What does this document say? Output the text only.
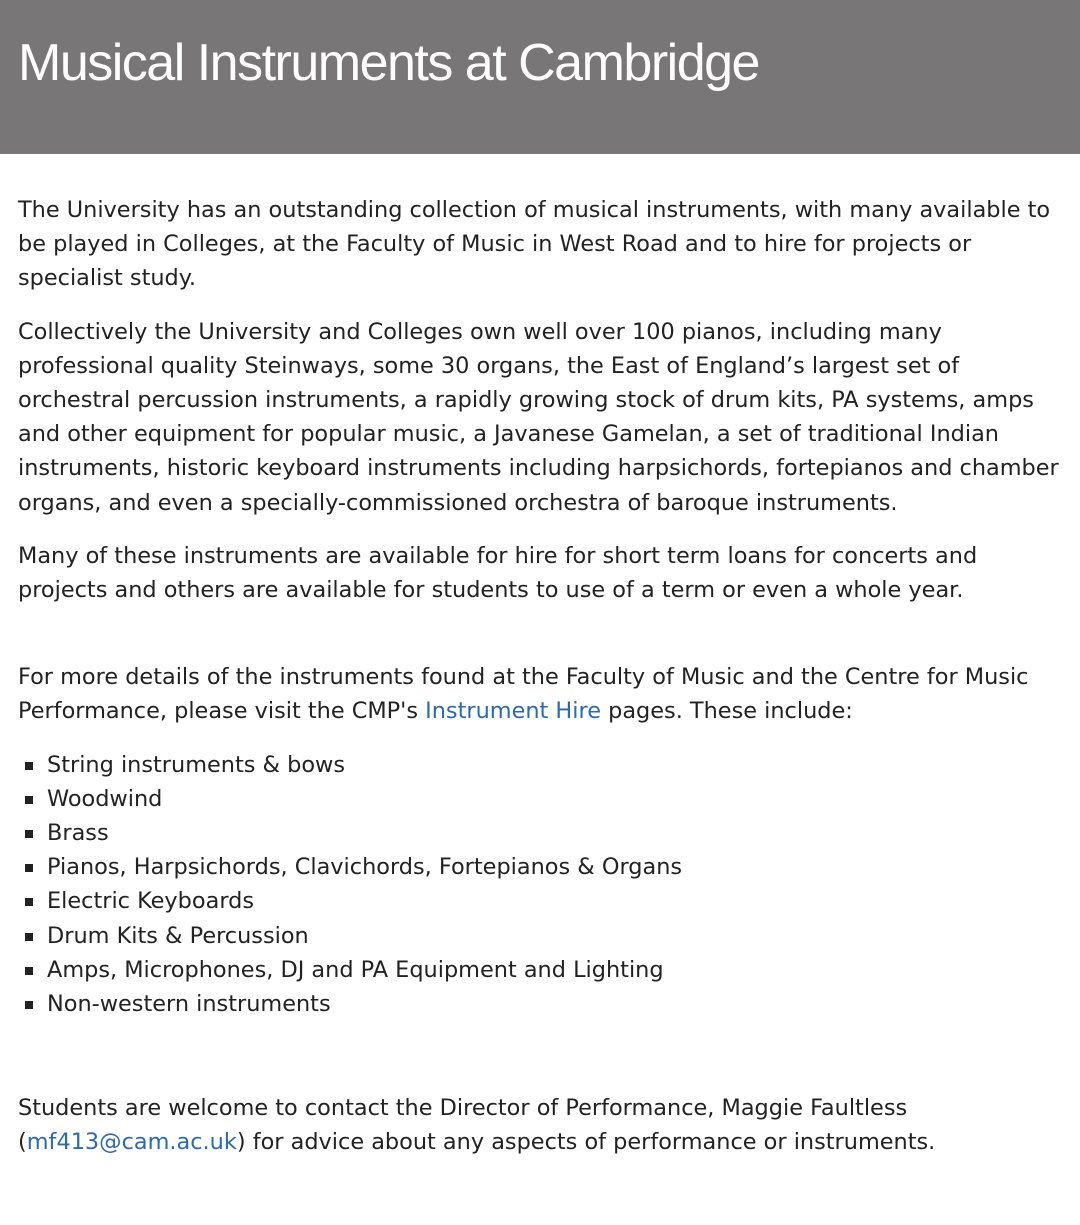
Musical Instruments at Cambridge

The University has an outstanding collection of musical instruments, with many available to be played in Colleges, at the Faculty of Music in West Road and to hire for projects or specialist study.

Collectively the University and Colleges own well over 100 pianos, including many professional quality Steinways, some 30 organs, the East of England’s largest set of orchestral percussion instruments, a rapidly growing stock of drum kits, PA systems, amps and other equipment for popular music, a Javanese Gamelan, a set of traditional Indian instruments, historic keyboard instruments including harpsichords, fortepianos and chamber organs, and even a specially-commissioned orchestra of baroque instruments.

Many of these instruments are available for hire for short term loans for concerts and projects and others are available for students to use of a term or even a whole year.

For more details of the instruments found at the Faculty of Music and the Centre for Music Performance, please visit the CMP's Instrument Hire pages. These include:

String instruments & bows
Woodwind
Brass
Pianos, Harpsichords, Clavichords, Fortepianos & Organs
Electric Keyboards
Drum Kits & Percussion
Amps, Microphones, DJ and PA Equipment and Lighting
Non-western instruments

Students are welcome to contact the Director of Performance, Maggie Faultless (mf413@cam.ac.uk) for advice about any aspects of performance or instruments.
